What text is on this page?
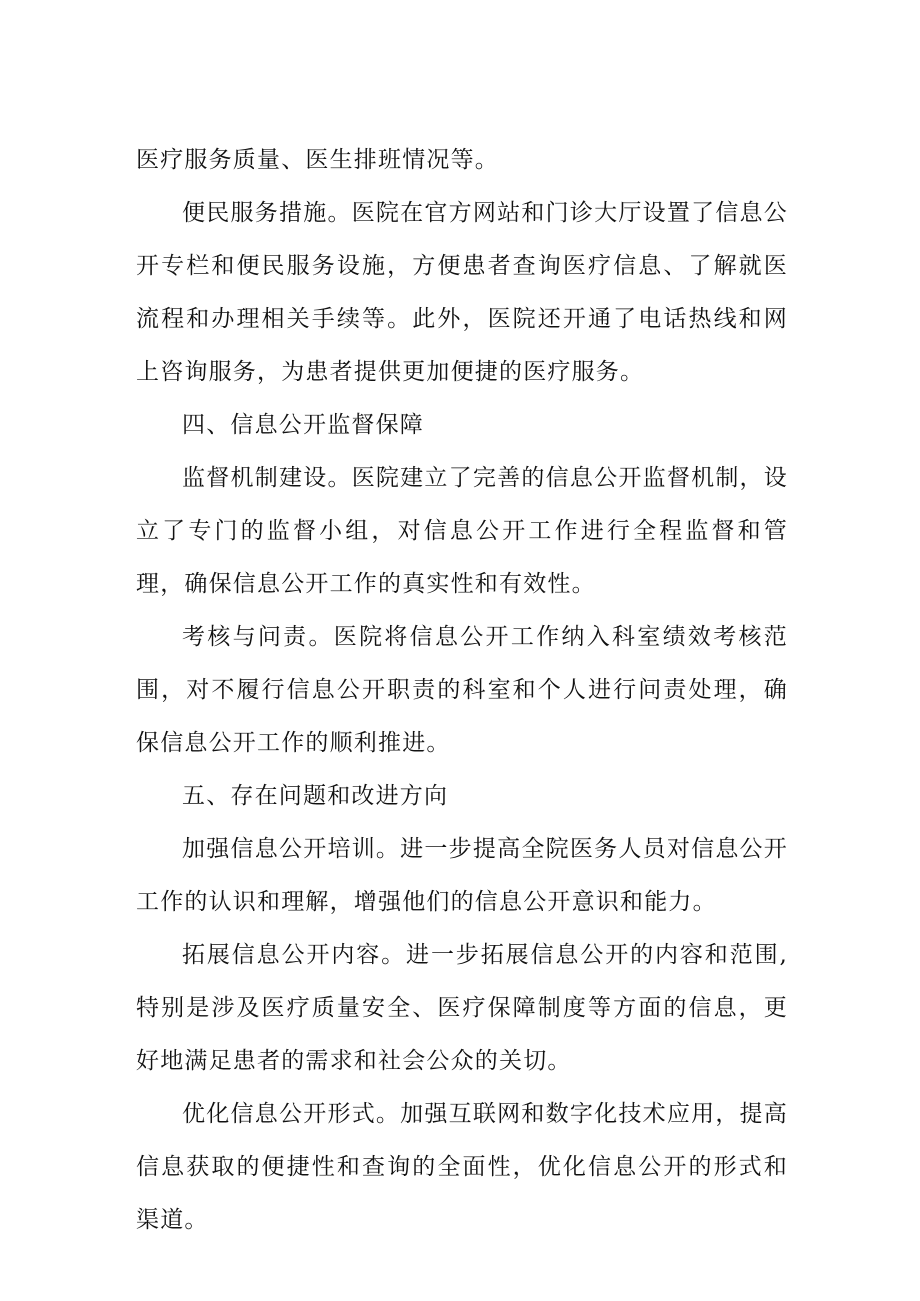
医疗服务质量、医生排班情况等。

便民服务措施。医院在官方网站和门诊大厅设置了信息公开专栏和便民服务设施，方便患者查询医疗信息、了解就医流程和办理相关手续等。此外，医院还开通了电话热线和网上咨询服务，为患者提供更加便捷的医疗服务。

四、信息公开监督保障

监督机制建设。医院建立了完善的信息公开监督机制，设立了专门的监督小组，对信息公开工作进行全程监督和管理，确保信息公开工作的真实性和有效性。

考核与问责。医院将信息公开工作纳入科室绩效考核范围，对不履行信息公开职责的科室和个人进行问责处理，确保信息公开工作的顺利推进。

五、存在问题和改进方向

加强信息公开培训。进一步提高全院医务人员对信息公开工作的认识和理解，增强他们的信息公开意识和能力。

拓展信息公开内容。进一步拓展信息公开的内容和范围,特别是涉及医疗质量安全、医疗保障制度等方面的信息，更好地满足患者的需求和社会公众的关切。

优化信息公开形式。加强互联网和数字化技术应用，提高信息获取的便捷性和查询的全面性，优化信息公开的形式和渠道。
